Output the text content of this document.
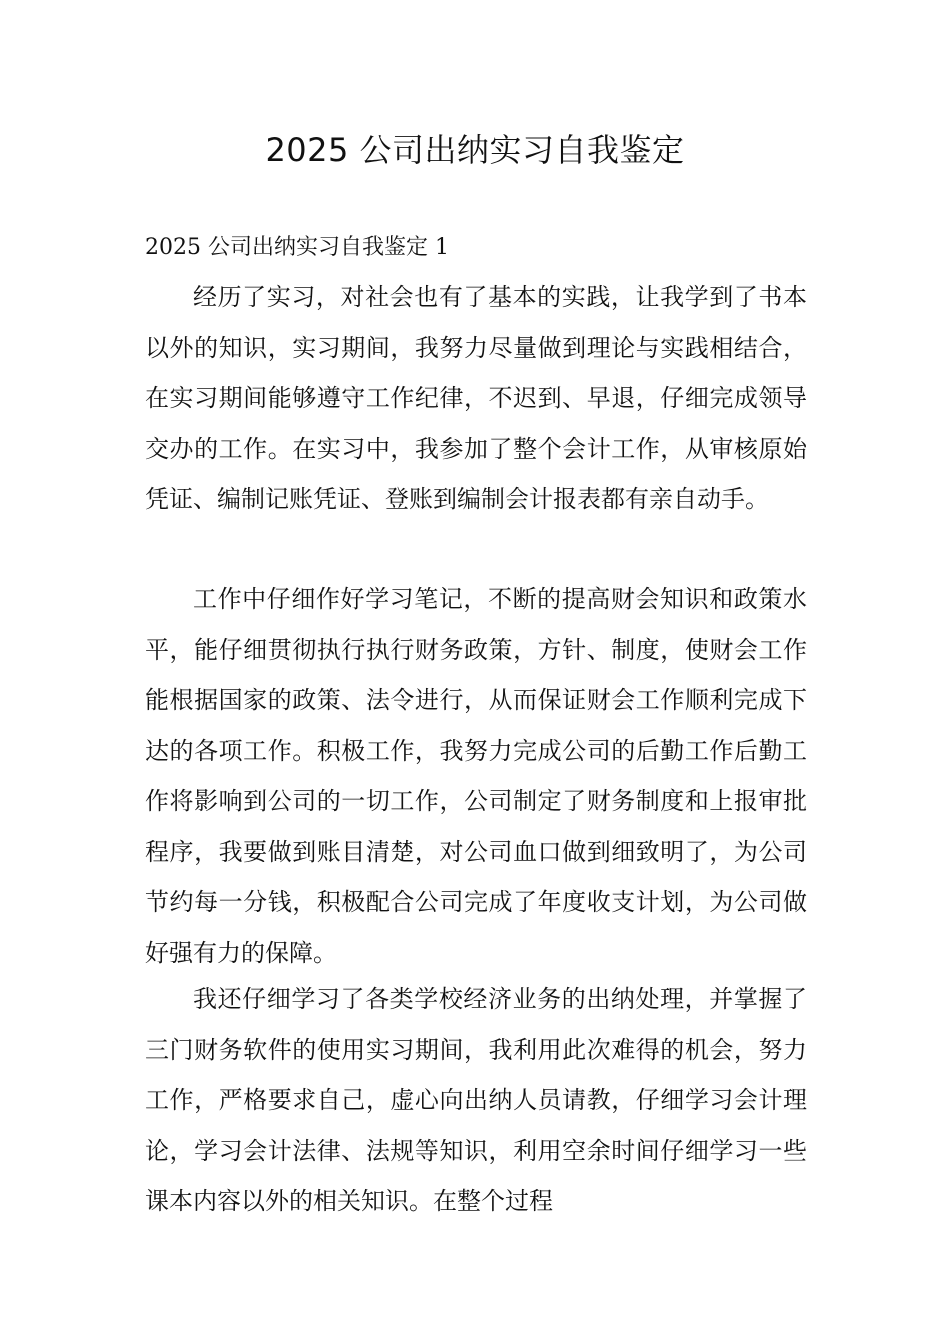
2025 公司出纳实习自我鉴定
2025 公司出纳实习自我鉴定 1

经历了实习，对社会也有了基本的实践，让我学到了书本以外的知识，实习期间，我努力尽量做到理论与实践相结合，在实习期间能够遵守工作纪律，不迟到、早退，仔细完成领导交办的工作。在实习中，我参加了整个会计工作，从审核原始凭证、编制记账凭证、登账到编制会计报表都有亲自动手。

工作中仔细作好学习笔记，不断的提高财会知识和政策水平，能仔细贯彻执行执行财务政策，方针、制度，使财会工作能根据国家的政策、法令进行，从而保证财会工作顺利完成下达的各项工作。积极工作，我努力完成公司的后勤工作后勤工作将影响到公司的一切工作，公司制定了财务制度和上报审批程序，我要做到账目清楚，对公司血口做到细致明了，为公司节约每一分钱，积极配合公司完成了年度收支计划，为公司做好强有力的保障。

我还仔细学习了各类学校经济业务的出纳处理，并掌握了三门财务软件的使用实习期间，我利用此次难得的机会，努力工作，严格要求自己，虚心向出纳人员请教，仔细学习会计理论，学习会计法律、法规等知识，利用空余时间仔细学习一些课本内容以外的相关知识。在整个过程
